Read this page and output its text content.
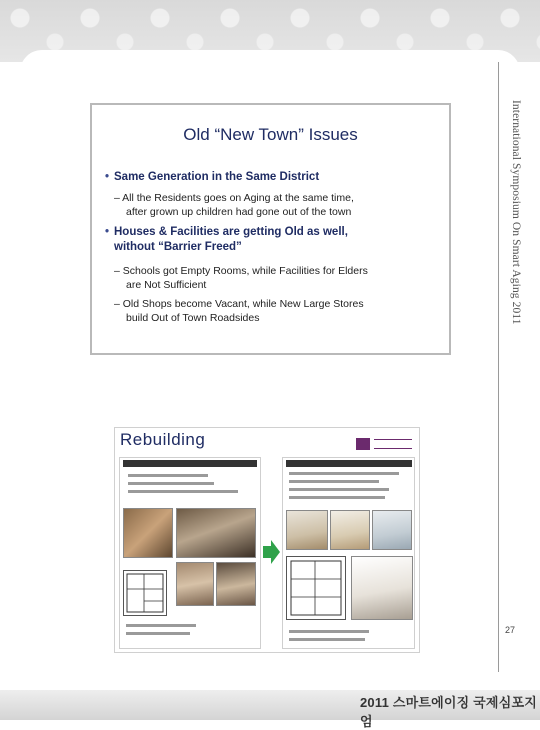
International Symposium On Smart Aging 2011
Old “New Town” Issues
• Same Generation in the Same District
– All the Residents goes on Aging at the same time,
after grown up children had gone out of the town
• Houses & Facilities are getting Old as well,
without “Barrier Freed”
– Schools got Empty Rooms, while Facilities for Elders
are Not Sufficient
– Old Shops become Vacant, while New Large Stores
build Out of Town Roadsides
Rebuilding
27
2011 스마트에이징 국제심포지엄
